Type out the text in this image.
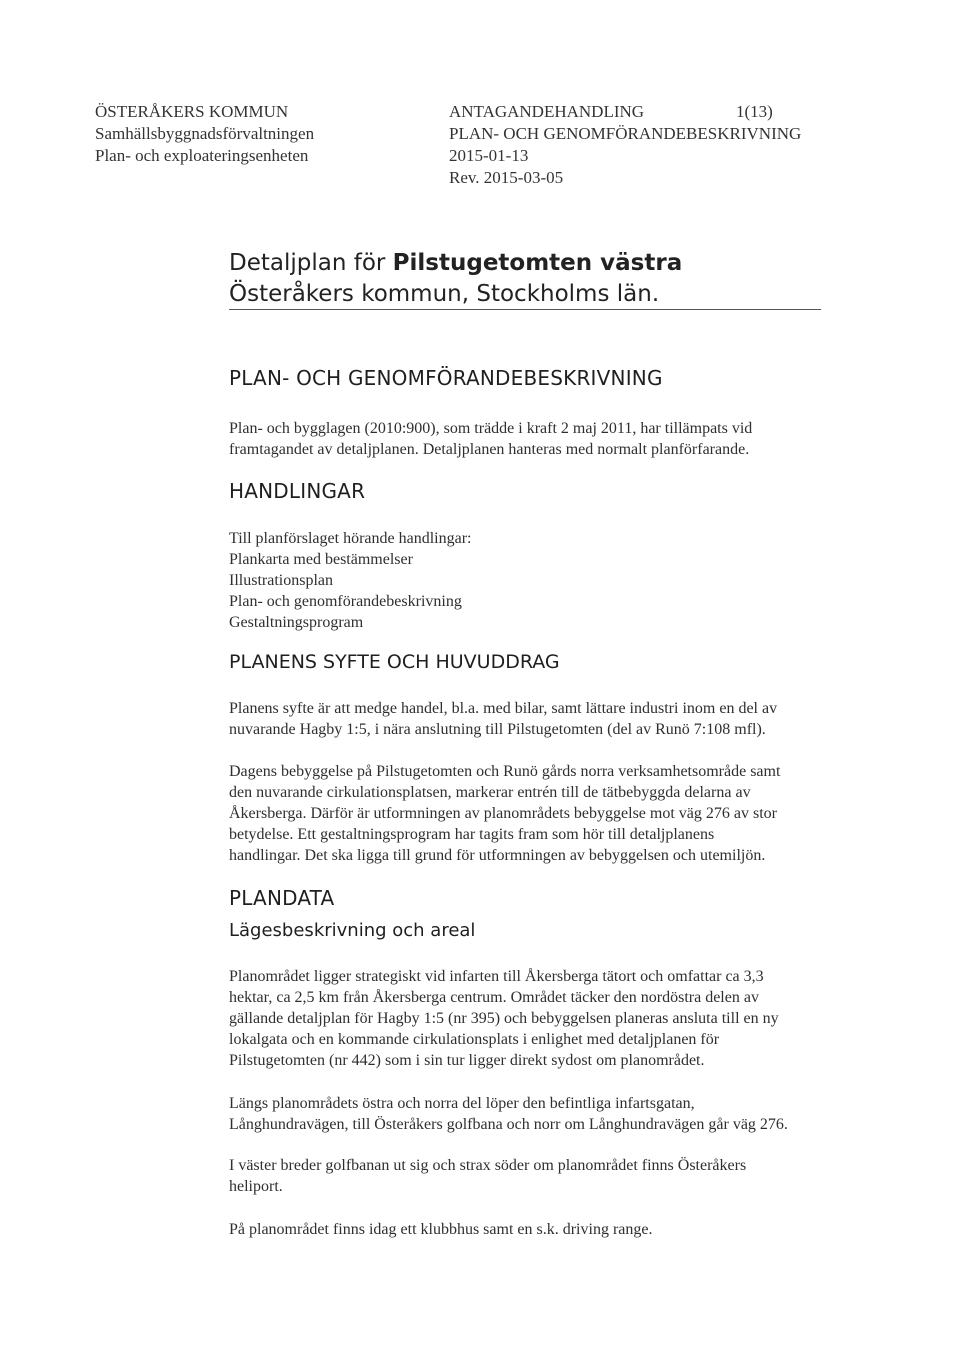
ÖSTERÅKERS KOMMUN
Samhällsbyggnadsförvaltningen
Plan- och exploateringsenheten
ANTAGANDEHANDLING	1(13)
PLAN- OCH GENOMFÖRANDEBESKRIVNING
2015-01-13
Rev. 2015-03-05
Detaljplan för Pilstugetomten västra
Österåkers kommun, Stockholms län.
PLAN- OCH GENOMFÖRANDEBESKRIVNING
Plan- och bygglagen (2010:900), som trädde i kraft 2 maj 2011, har tillämpats vid
framtagandet av detaljplanen. Detaljplanen hanteras med normalt planförfarande.
HANDLINGAR
Till planförslaget hörande handlingar:
Plankarta med bestämmelser
Illustrationsplan
Plan- och genomförandebeskrivning
Gestaltningsprogram
PLANENS SYFTE OCH HUVUDDRAG
Planens syfte är att medge handel, bl.a. med bilar, samt lättare industri inom en del av
nuvarande Hagby 1:5, i nära anslutning till Pilstugetomten (del av Runö 7:108 mfl).
Dagens bebyggelse på Pilstugetomten och Runö gårds norra verksamhetsområde samt
den nuvarande cirkulationsplatsen, markerar entrén till de tätbebyggda delarna av
Åkersberga. Därför är utformningen av planområdets bebyggelse mot väg 276 av stor
betydelse. Ett gestaltningsprogram har tagits fram som hör till detaljplanens
handlingar. Det ska ligga till grund för utformningen av bebyggelsen och utemiljön.
PLANDATA
Lägesbeskrivning och areal
Planområdet ligger strategiskt vid infarten till Åkersberga tätort och omfattar ca 3,3
hektar, ca 2,5 km från Åkersberga centrum. Området täcker den nordöstra delen av
gällande detaljplan för Hagby 1:5 (nr 395) och bebyggelsen planeras ansluta till en ny
lokalgata och en kommande cirkulationsplats i enlighet med detaljplanen för
Pilstugetomten (nr 442) som i sin tur ligger direkt sydost om planområdet.
Längs planområdets östra och norra del löper den befintliga infartsgatan,
Långhundravägen, till Österåkers golfbana och norr om Långhundravägen går väg 276.
I väster breder golfbanan ut sig och strax söder om planområdet finns Österåkers
heliport.
På planområdet finns idag ett klubbhus samt en s.k. driving range.
